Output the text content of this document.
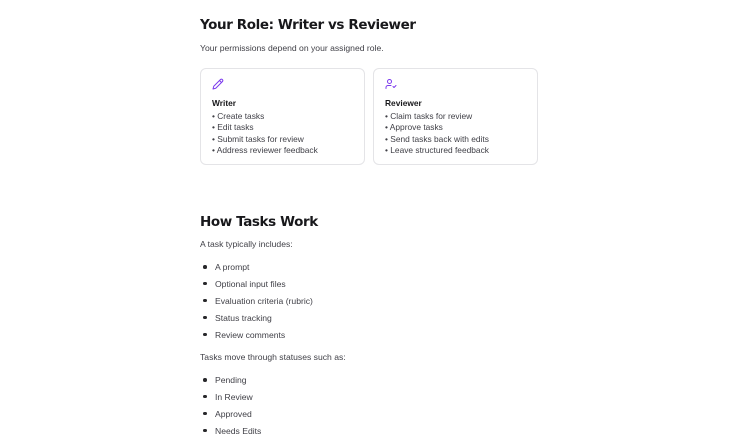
Your Role: Writer vs Reviewer

Your permissions depend on your assigned role.

Writer
• Create tasks
• Edit tasks
• Submit tasks for review
• Address reviewer feedback
Reviewer
• Claim tasks for review
• Approve tasks
• Send tasks back with edits
• Leave structured feedback
How Tasks Work

A task typically includes:

A prompt
Optional input files
Evaluation criteria (rubric)
Status tracking
Review comments

Tasks move through statuses such as:

Pending
In Review
Approved
Needs Edits
